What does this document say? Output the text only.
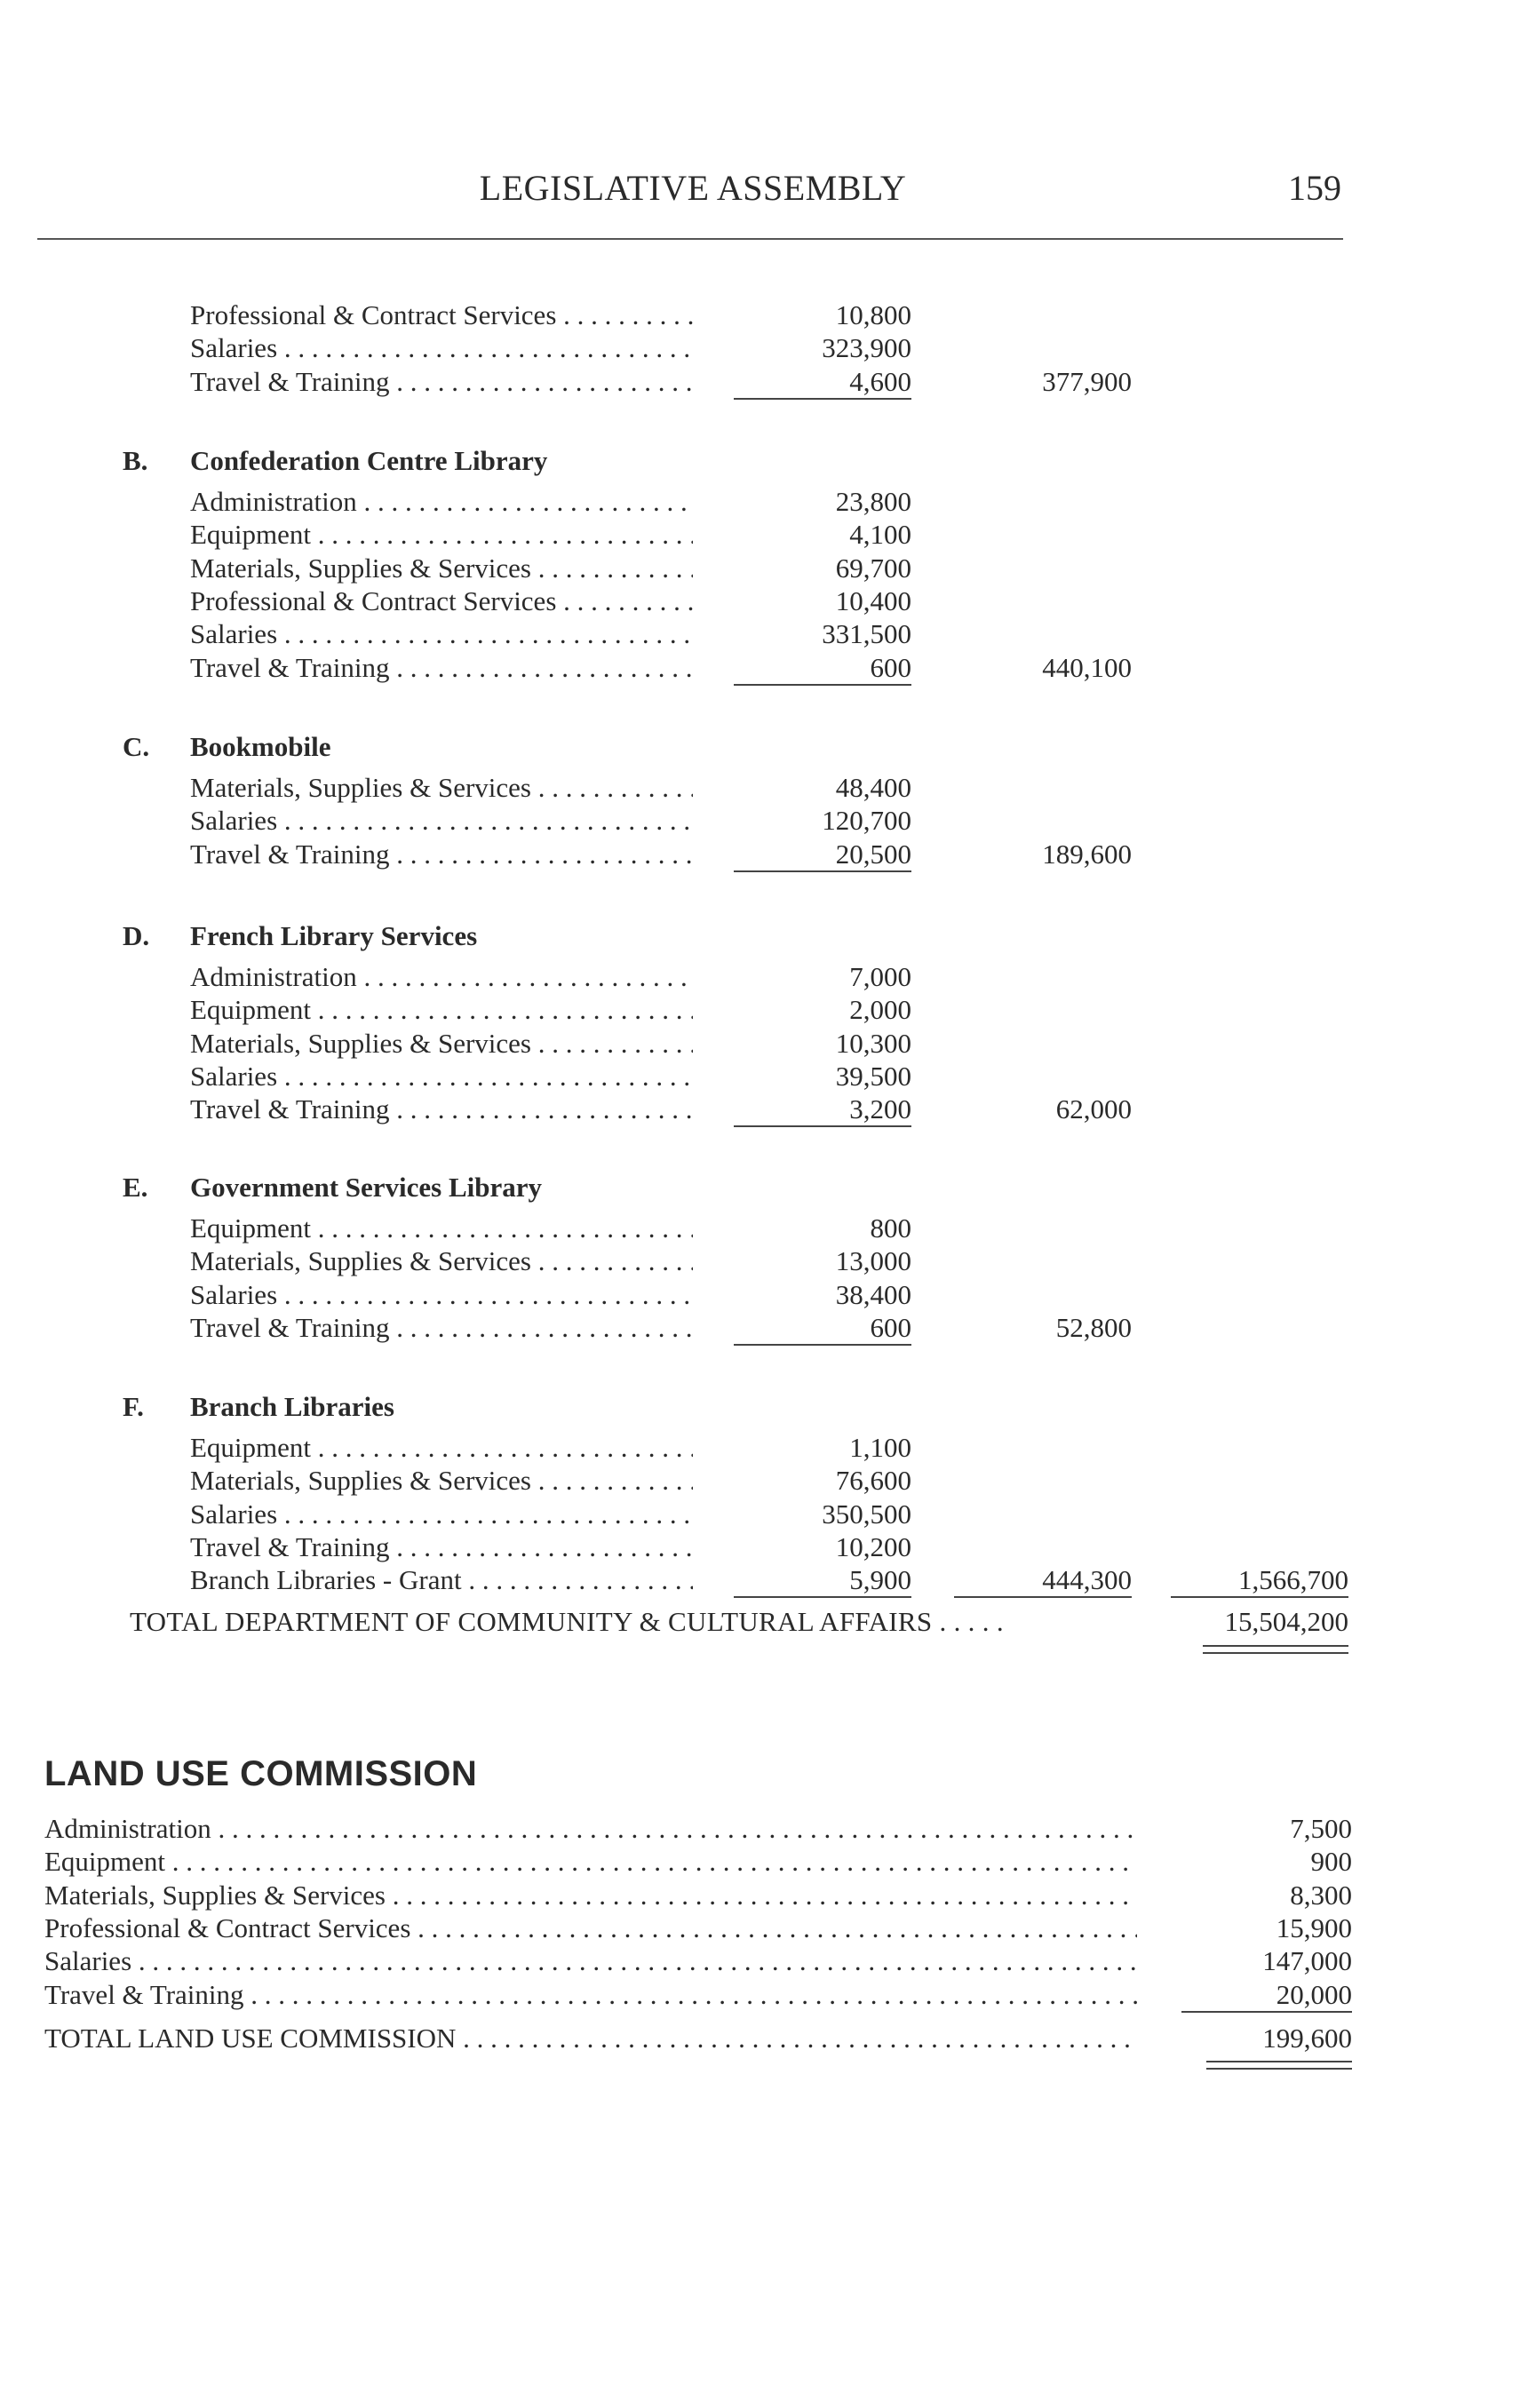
LEGISLATIVE ASSEMBLY	159
Professional & Contract Services . . .	10,800
Salaries . . .	323,900
Travel & Training . . .	4,600	377,900
B.	Confederation Centre Library
Administration . . .	23,800
Equipment . . .	4,100
Materials, Supplies & Services . . .	69,700
Professional & Contract Services . . .	10,400
Salaries . . .	331,500
Travel & Training . . .	600	440,100
C.	Bookmobile
Materials, Supplies & Services . . .	48,400
Salaries . . .	120,700
Travel & Training . . .	20,500	189,600
D.	French Library Services
Administration . . .	7,000
Equipment . . .	2,000
Materials, Supplies & Services . . .	10,300
Salaries . . .	39,500
Travel & Training . . .	3,200	62,000
E.	Government Services Library
Equipment . . .	800
Materials, Supplies & Services . . .	13,000
Salaries . . .	38,400
Travel & Training . . .	600	52,800
F.	Branch Libraries
Equipment . . .	1,100
Materials, Supplies & Services . . .	76,600
Salaries . . .	350,500
Travel & Training . . .	10,200
Branch Libraries - Grant . . .	5,900	444,300	1,566,700
TOTAL DEPARTMENT OF COMMUNITY & CULTURAL AFFAIRS . . . . .	15,504,200
LAND USE COMMISSION
Administration . . .	7,500
Equipment . . .	900
Materials, Supplies & Services . . .	8,300
Professional & Contract Services . . .	15,900
Salaries . . .	147,000
Travel & Training . . .	20,000
TOTAL LAND USE COMMISSION . . .	199,600
